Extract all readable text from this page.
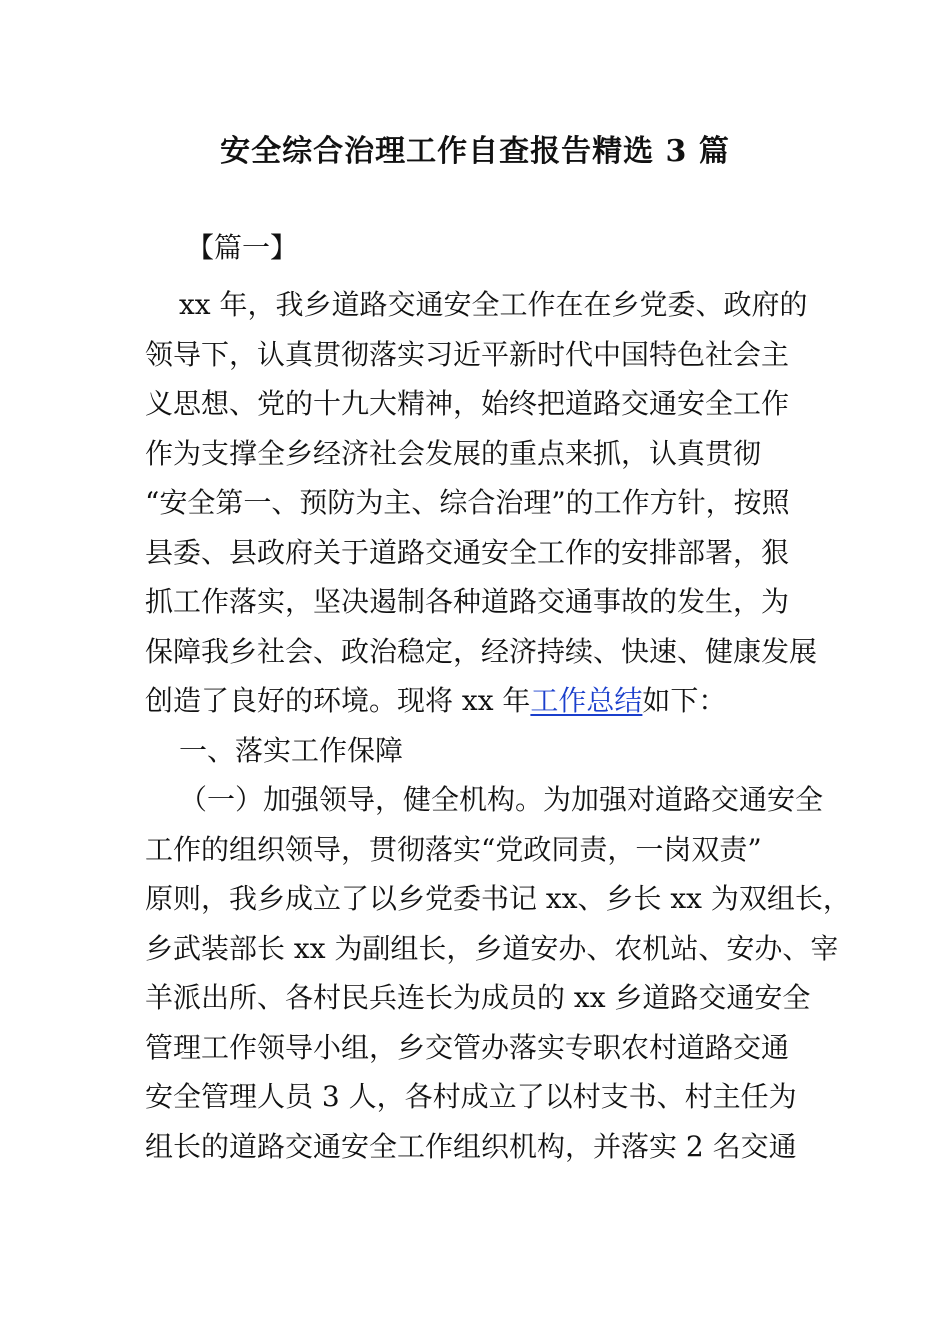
安全综合治理工作自查报告精选 3 篇

【篇一】

xx 年，我乡道路交通安全工作在在乡党委、政府的
领导下，认真贯彻落实习近平新时代中国特色社会主
义思想、党的十九大精神，始终把道路交通安全工作
作为支撑全乡经济社会发展的重点来抓，认真贯彻
“安全第一、预防为主、综合治理”的工作方针，按照
县委、县政府关于道路交通安全工作的安排部署，狠
抓工作落实，坚决遏制各种道路交通事故的发生，为
保障我乡社会、政治稳定，经济持续、快速、健康发展
创造了良好的环境。现将 xx 年工作总结如下：
一、落实工作保障
（一）加强领导，健全机构。为加强对道路交通安全
工作的组织领导，贯彻落实“党政同责，一岗双责”
原则，我乡成立了以乡党委书记 xx、乡长 xx 为双组长，
乡武装部长 xx 为副组长，乡道安办、农机站、安办、宰
羊派出所、各村民兵连长为成员的 xx 乡道路交通安全
管理工作领导小组，乡交管办落实专职农村道路交通
安全管理人员 3 人，各村成立了以村支书、村主任为
组长的道路交通安全工作组织机构，并落实 2 名交通
